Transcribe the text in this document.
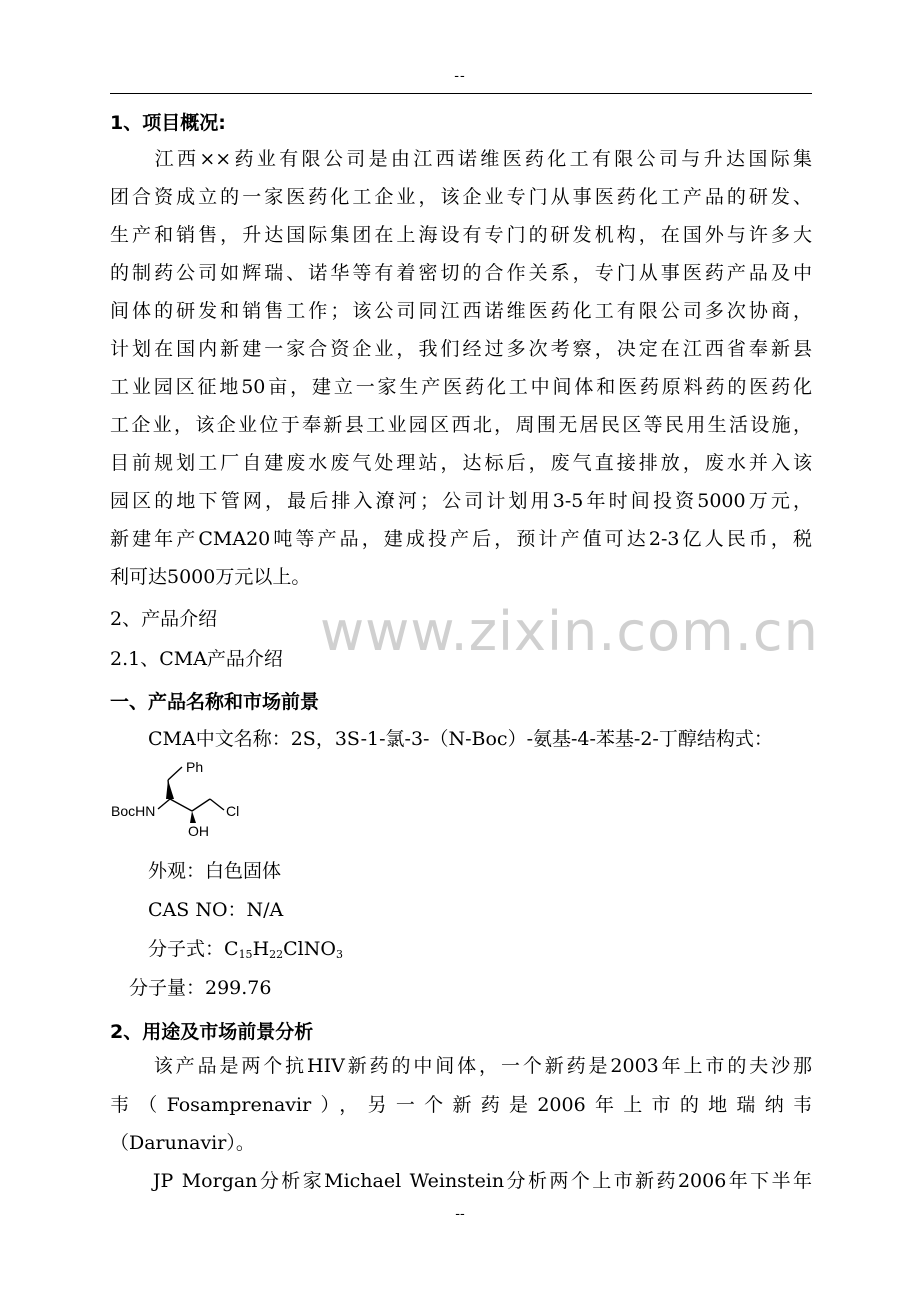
--
www.zixin.com.cn
1、项目概况:
　　江西××药业有限公司是由江西诺维医药化工有限公司与升达国际集
团合资成立的一家医药化工企业，该企业专门从事医药化工产品的研发、
生产和销售，升达国际集团在上海设有专门的研发机构，在国外与许多大
的制药公司如辉瑞、诺华等有着密切的合作关系，专门从事医药产品及中
间体的研发和销售工作；该公司同江西诺维医药化工有限公司多次协商，
计划在国内新建一家合资企业，我们经过多次考察，决定在江西省奉新县
工业园区征地50亩，建立一家生产医药化工中间体和医药原料药的医药化
工企业，该企业位于奉新县工业园区西北，周围无居民区等民用生活设施，
目前规划工厂自建废水废气处理站，达标后，废气直接排放，废水并入该
园区的地下管网，最后排入潦河；公司计划用3-5年时间投资5000万元，
新建年产CMA20吨等产品，建成投产后，预计产值可达2-3亿人民币，税
利可达5000万元以上。
2、产品介绍
2.1、CMA产品介绍
一、产品名称和市场前景
　　CMA中文名称：2S，3S-1-氯-3-（N-Boc）-氨基-4-苯基-2-丁醇结构式：
Ph
BocHN	Cl
OH
　　外观：白色固体
　　CAS NO：N/A
　　分子式：$C_{15}H_{22}ClNO_3$
　分子量：299.76
2、用途及市场前景分析
　　该产品是两个抗HIV新药的中间体，一个新药是2003年上市的夫沙那
韦（Fosamprenavir），另一个新药是2006年上市的地瑞纳韦
（Darunavir）。
　　JP Morgan分析家Michael Weinstein分析两个上市新药2006年下半年
--
